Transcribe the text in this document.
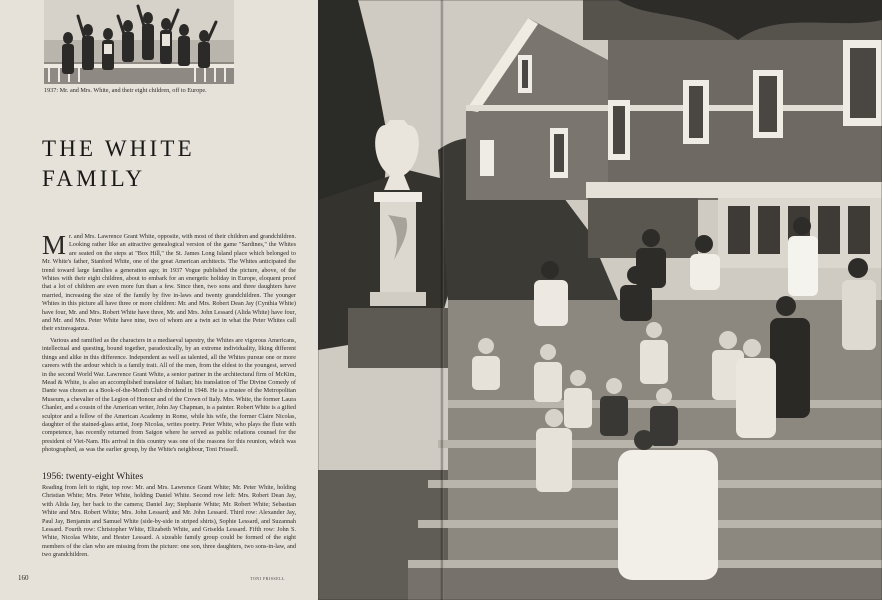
1937: Mr. and Mrs. White, and their eight children, off to Europe.
THE WHITE
FAMILY

Mr. and Mrs. Lawrence Grant White, opposite, with most of their children and grandchildren. Looking rather like an attractive genealogical version of the game "Sardines," the Whites are seated on the steps at "Box Hill," the St. James Long Island place which belonged to Mr. White's father, Stanford White, one of the great American architects. The Whites anticipated the trend toward large families a generation ago; in 1937 Vogue published the picture, above, of the Whites with their eight children, about to embark for an energetic holiday in Europe, eloquent proof that a lot of children are even more fun than a few. Since then, two sons and three daughters have married, increasing the size of the family by five in-laws and twenty grandchildren. The younger Whites in this picture all have three or more children: Mr. and Mrs. Robert Dean Jay (Cynthia White) have four, Mr. and Mrs. Robert White have three, Mr. and Mrs. John Lessard (Alida White) have four, and Mr. and Mrs. Peter White have nine, two of whom are a twin act in what the Peter Whites call their extravaganza.

Various and ramified as the characters in a mediaeval tapestry, the Whites are vigorous Americans, intellectual and questing, bound together, paradoxically, by an extreme individuality, liking different things and alike in this difference. Independent as well as talented, all the Whites pursue one or more careers with the ardour which is a family trait. All of the men, from the eldest to the youngest, served in the second World War. Lawrence Grant White, a senior partner in the architectural firm of McKim, Mead & White, is also an accomplished translator of Italian; his translation of The Divine Comedy of Dante was chosen as a Book-of-the-Month Club dividend in 1948. He is a trustee of the Metropolitan Museum, a chevalier of the Legion of Honour and of the Crown of Italy. Mrs. White, the former Laura Chanler, and a cousin of the American writer, John Jay Chapman, is a painter. Robert White is a gifted sculptor and a fellow of the American Academy in Rome, while his wife, the former Claire Nicolas, daughter of the stained-glass artist, Joep Nicolas, writes poetry. Peter White, who plays the flute with competence, has recently returned from Saigon where he served as public relations counsel for the president of Viet-Nam. His arrival in this country was one of the reasons for this reunion, which was photographed, as was the earlier group, by the White's neighbour, Toni Frissell.

1956: twenty-eight Whites
Reading from left to right, top row: Mr. and Mrs. Lawrence Grant White; Mr. Peter White, holding Christian White; Mrs. Peter White, holding Daniel White. Second row left: Mrs. Robert Dean Jay, with Alida Jay, her back to the camera; Daniel Jay; Stephanie White; Mr. Robert White; Sebastian White and Mrs. Robert White; Mrs. John Lessard; and Mr. John Lessard. Third row: Alexander Jay, Paul Jay, Benjamin and Samuel White (side-by-side in striped shirts), Sophie Lessard, and Suzannah Lessard. Fourth row: Christopher White, Elizabeth White, and Griselda Lessard. Fifth row: John S. White, Nicolas White, and Hester Lessard. A sizeable family group could be formed of the eight members of the clan who are missing from the picture: one son, three daughters, two sons-in-law, and two grandchildren.
160	TONI FRISSELL
